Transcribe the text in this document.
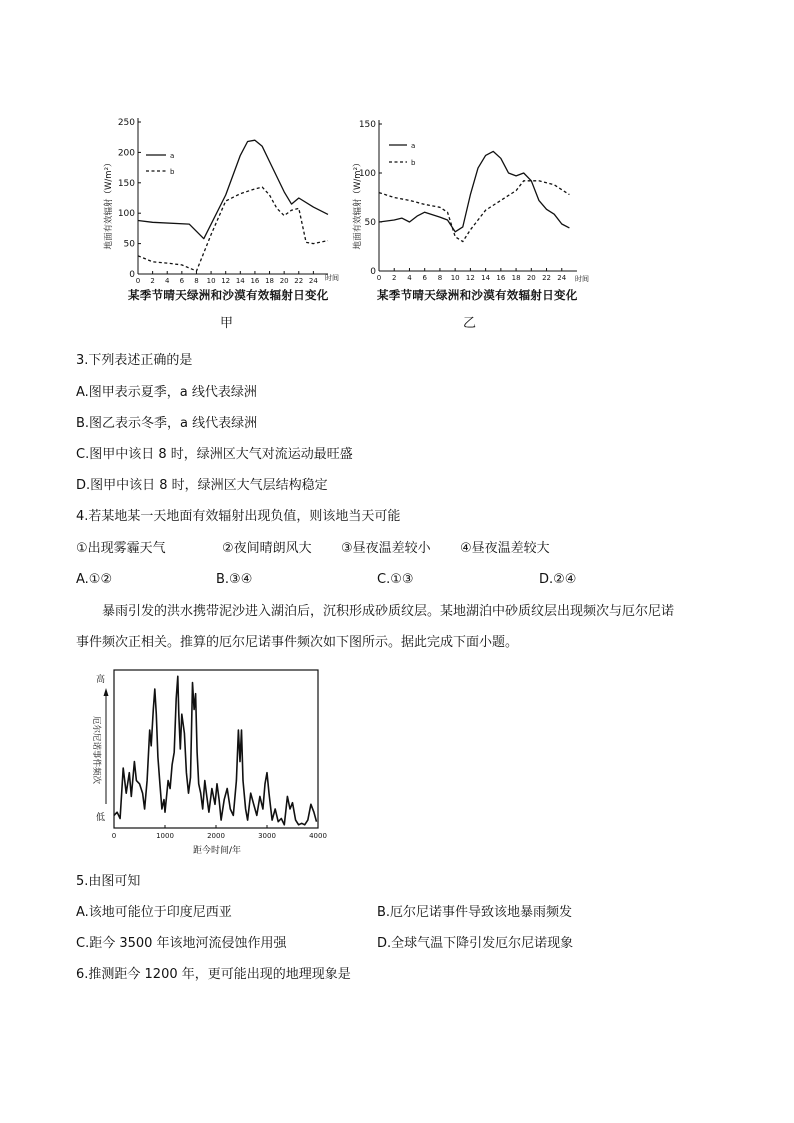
0
50
100
150
200
250
0 2 4 6 8 10 12 14 16 18 20 22 24
地面有效辐射（W/m²）
时间
a
b
某季节晴天绿洲和沙漠有效辐射日变化
甲
0
50
100
150
0 2 4 6 8 10 12 14 16 18 20 22 24
地面有效辐射（W/m²）
时间
a
b
某季节晴天绿洲和沙漠有效辐射日变化
乙
3.下列表述正确的是
A.图甲表示夏季，a 线代表绿洲
B.图乙表示冬季，a 线代表绿洲
C.图甲中该日 8 时，绿洲区大气对流运动最旺盛
D.图甲中该日 8 时，绿洲区大气层结构稳定
4.若某地某一天地面有效辐射出现负值，则该地当天可能
①出现雾霾天气	②夜间晴朗风大 ③昼夜温差较小 ④昼夜温差较大
A.①②	B.③④	C.①③	D.②④
暴雨引发的洪水携带泥沙进入湖泊后，沉积形成砂质纹层。某地湖泊中砂质纹层出现频次与厄尔尼诺
事件频次正相关。推算的厄尔尼诺事件频次如下图所示。据此完成下面小题。
高
低
厄尔尼诺事件频次
0	1000	2000	3000	4000
距今时间/年
5.由图可知
A.该地可能位于印度尼西亚	B.厄尔尼诺事件导致该地暴雨频发
C.距今 3500 年该地河流侵蚀作用强	D.全球气温下降引发厄尔尼诺现象
6.推测距今 1200 年，更可能出现的地理现象是
